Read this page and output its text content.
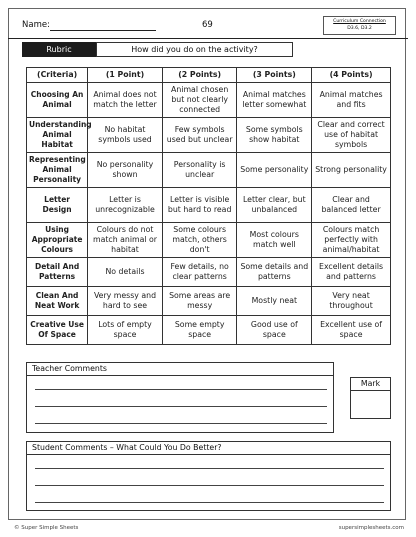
Name:	69	Curriculum Connection
D3.6, D3.2
Rubric	How did you do on the activity?
(Criteria)	(1 Point)	(2 Points)	(3 Points)	(4 Points)
Choosing An Animal	Animal does not match the letter	Animal chosen but not clearly connected	Animal matches letter somewhat	Animal matches and fits
Understanding Animal Habitat	No habitat symbols used	Few symbols used but unclear	Some symbols show habitat	Clear and correct use of habitat symbols
Representing Animal Personality	No personality shown	Personality is unclear	Some personality	Strong personality
Letter Design	Letter is unrecognizable	Letter is visible but hard to read	Letter clear, but unbalanced	Clear and balanced letter
Using Appropriate Colours	Colours do not match animal or habitat	Some colours match, others don't	Most colours match well	Colours match perfectly with animal/habitat
Detail And Patterns	No details	Few details, no clear patterns	Some details and patterns	Excellent details and patterns
Clean And Neat Work	Very messy and hard to see	Some areas are messy	Mostly neat	Very neat throughout
Creative Use Of Space	Lots of empty space	Some empty space	Good use of space	Excellent use of space
Teacher Comments
Mark
Student Comments – What Could You Do Better?
© Super Simple Sheets	supersimplesheets.com
